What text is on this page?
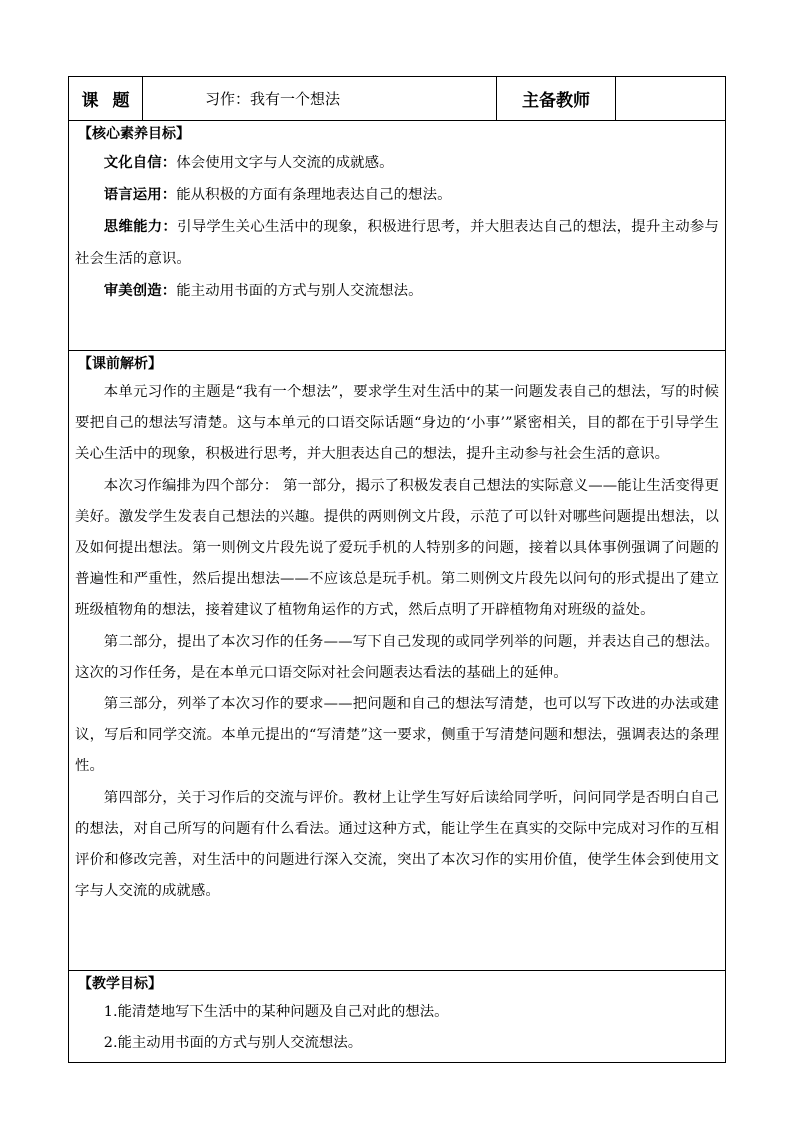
课 题	习作：我有一个想法	主备教师	

【核心素养目标】

文化自信：体会使用文字与人交流的成就感。

语言运用：能从积极的方面有条理地表达自己的想法。

思维能力：引导学生关心生活中的现象，积极进行思考，并大胆表达自己的想法，提升主动参与社会生活的意识。

审美创造：能主动用书面的方式与别人交流想法。

【课前解析】

本单元习作的主题是“我有一个想法”，要求学生对生活中的某一问题发表自己的想法，写的时候要把自己的想法写清楚。这与本单元的口语交际话题“身边的‘小事’”紧密相关，目的都在于引导学生关心生活中的现象，积极进行思考，并大胆表达自己的想法，提升主动参与社会生活的意识。

本次习作编排为四个部分： 第一部分，揭示了积极发表自己想法的实际意义——能让生活变得更美好。激发学生发表自己想法的兴趣。提供的两则例文片段，示范了可以针对哪些问题提出想法，以及如何提出想法。第一则例文片段先说了爱玩手机的人特别多的问题，接着以具体事例强调了问题的普遍性和严重性，然后提出想法——不应该总是玩手机。第二则例文片段先以问句的形式提出了建立班级植物角的想法，接着建议了植物角运作的方式，然后点明了开辟植物角对班级的益处。

第二部分，提出了本次习作的任务——写下自己发现的或同学列举的问题，并表达自己的想法。这次的习作任务，是在本单元口语交际对社会问题表达看法的基础上的延伸。

第三部分，列举了本次习作的要求——把问题和自己的想法写清楚，也可以写下改进的办法或建议，写后和同学交流。本单元提出的“写清楚”这一要求，侧重于写清楚问题和想法，强调表达的条理性。

第四部分，关于习作后的交流与评价。教材上让学生写好后读给同学听，问问同学是否明白自己的想法，对自己所写的问题有什么看法。通过这种方式，能让学生在真实的交际中完成对习作的互相评价和修改完善，对生活中的问题进行深入交流，突出了本次习作的实用价值，使学生体会到使用文字与人交流的成就感。

【教学目标】

1.能清楚地写下生活中的某种问题及自己对此的想法。

2.能主动用书面的方式与别人交流想法。
